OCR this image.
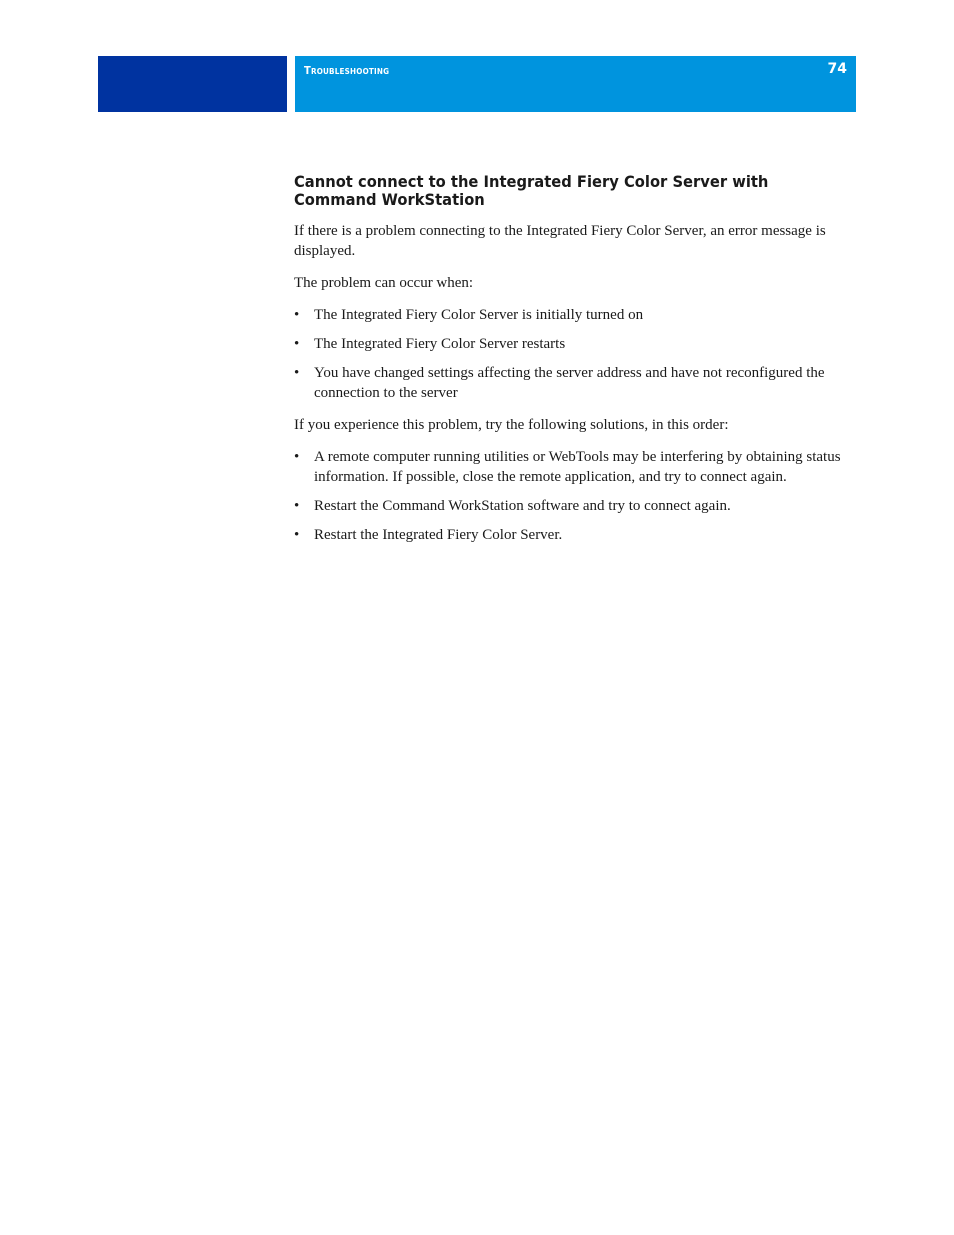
Troubleshooting	74
Cannot connect to the Integrated Fiery Color Server with Command WorkStation

If there is a problem connecting to the Integrated Fiery Color Server, an error message is displayed.

The problem can occur when:

• The Integrated Fiery Color Server is initially turned on
• The Integrated Fiery Color Server restarts
• You have changed settings affecting the server address and have not reconfigured the connection to the server

If you experience this problem, try the following solutions, in this order:

• A remote computer running utilities or WebTools may be interfering by obtaining status information. If possible, close the remote application, and try to connect again.
• Restart the Command WorkStation software and try to connect again.
• Restart the Integrated Fiery Color Server.
